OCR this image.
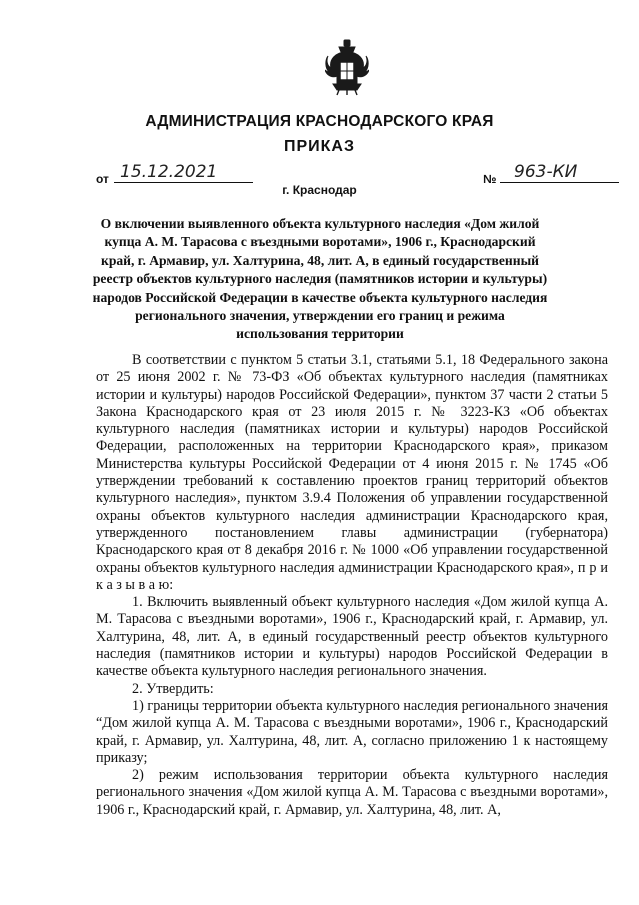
АДМИНИСТРАЦИЯ КРАСНОДАРСКОГО КРАЯ
ПРИКАЗ
от 15.12.2021	№	963-КИ
г. Краснодар
О включении выявленного объекта культурного наследия «Дом жилой купца А. М. Тарасова с въездными воротами», 1906 г., Краснодарский край, г. Армавир, ул. Халтурина, 48, лит. А, в единый государственный реестр объектов культурного наследия (памятников истории и культуры) народов Российской Федерации в качестве объекта культурного наследия регионального значения, утверждении его границ и режима использования территории

В соответствии с пунктом 5 статьи 3.1, статьями 5.1, 18 Федерального закона от 25 июня 2002 г. № 73-ФЗ «Об объектах культурного наследия (памятниках истории и культуры) народов Российской Федерации», пунктом 37 части 2 статьи 5 Закона Краснодарского края от 23 июля 2015 г. № 3223-КЗ «Об объектах культурного наследия (памятниках истории и культуры) народов Российской Федерации, расположенных на территории Краснодарского края», приказом Министерства культуры Российской Федерации от 4 июня 2015 г. № 1745 «Об утверждении требований к составлению проектов границ территорий объектов культурного наследия», пунктом 3.9.4 Положения об управлении государственной охраны объектов культурного наследия администрации Краснодарского края, утвержденного постановлением главы администрации (губернатора) Краснодарского края от 8 декабря 2016 г. № 1000 «Об управлении государственной охраны объектов культурного наследия администрации Краснодарского края», п р и к а з ы в а ю:

1. Включить выявленный объект культурного наследия «Дом жилой купца А. М. Тарасова с въездными воротами», 1906 г., Краснодарский край, г. Армавир, ул. Халтурина, 48, лит. А, в единый государственный реестр объектов культурного наследия (памятников истории и культуры) народов Российской Федерации в качестве объекта культурного наследия регионального значения.

2. Утвердить:

1) границы территории объекта культурного наследия регионального значения “Дом жилой купца А. М. Тарасова с въездными воротами», 1906 г., Краснодарский край, г. Армавир, ул. Халтурина, 48, лит. А, согласно приложению 1 к настоящему приказу;

2) режим использования территории объекта культурного наследия регионального значения «Дом жилой купца А. М. Тарасова с въездными воротами», 1906 г., Краснодарский край, г. Армавир, ул. Халтурина, 48, лит. А,
